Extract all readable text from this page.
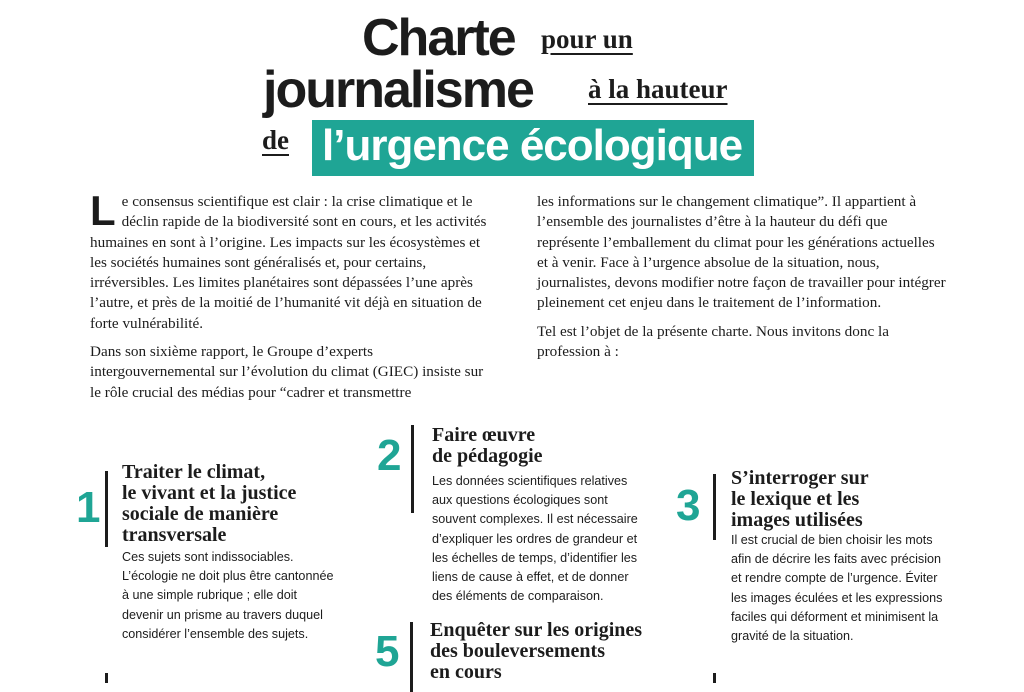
Charte pour un
journalisme à la hauteur
de l’urgence écologique

Le consensus scientifique est clair : la crise climatique et le déclin rapide de la biodiversité sont en cours, et les activités humaines en sont à l’origine. Les impacts sur les écosystèmes et les sociétés humaines sont généralisés et, pour certains, irréversibles. Les limites planétaires sont dépassées l’une après l’autre, et près de la moitié de l’humanité vit déjà en situation de forte vulnérabilité.

Dans son sixième rapport, le Groupe d’experts intergouvernemental sur l’évolution du climat (GIEC) insiste sur le rôle crucial des médias pour “cadrer et transmettre

les informations sur le changement climatique”. Il appartient à l’ensemble des journalistes d’être à la hauteur du défi que représente l’emballement du climat pour les générations actuelles et à venir. Face à l’urgence absolue de la situation, nous, journalistes, devons modifier notre façon de travailler pour intégrer pleinement cet enjeu dans le traitement de l’information.

Tel est l’objet de la présente charte. Nous invitons donc la profession à :

1
Traiter le climat,
le vivant et la justice
sociale de manière
transversale
Ces sujets sont indissociables.
L’écologie ne doit plus être cantonnée
à une simple rubrique ; elle doit
devenir un prisme au travers duquel
considérer l’ensemble des sujets.
2 Faire œuvre
de pédagogie
Les données scientifiques relatives
aux questions écologiques sont
souvent complexes. Il est nécessaire
d’expliquer les ordres de grandeur et
les échelles de temps, d’identifier les
liens de cause à effet, et de donner
des éléments de comparaison.
3
S’interroger sur
le lexique et les
images utilisées
Il est crucial de bien choisir les mots
afin de décrire les faits avec précision
et rendre compte de l’urgence. Éviter
les images éculées et les expressions
faciles qui déforment et minimisent la
gravité de la situation.
5 Enquêter sur les origines
des bouleversements
en cours
